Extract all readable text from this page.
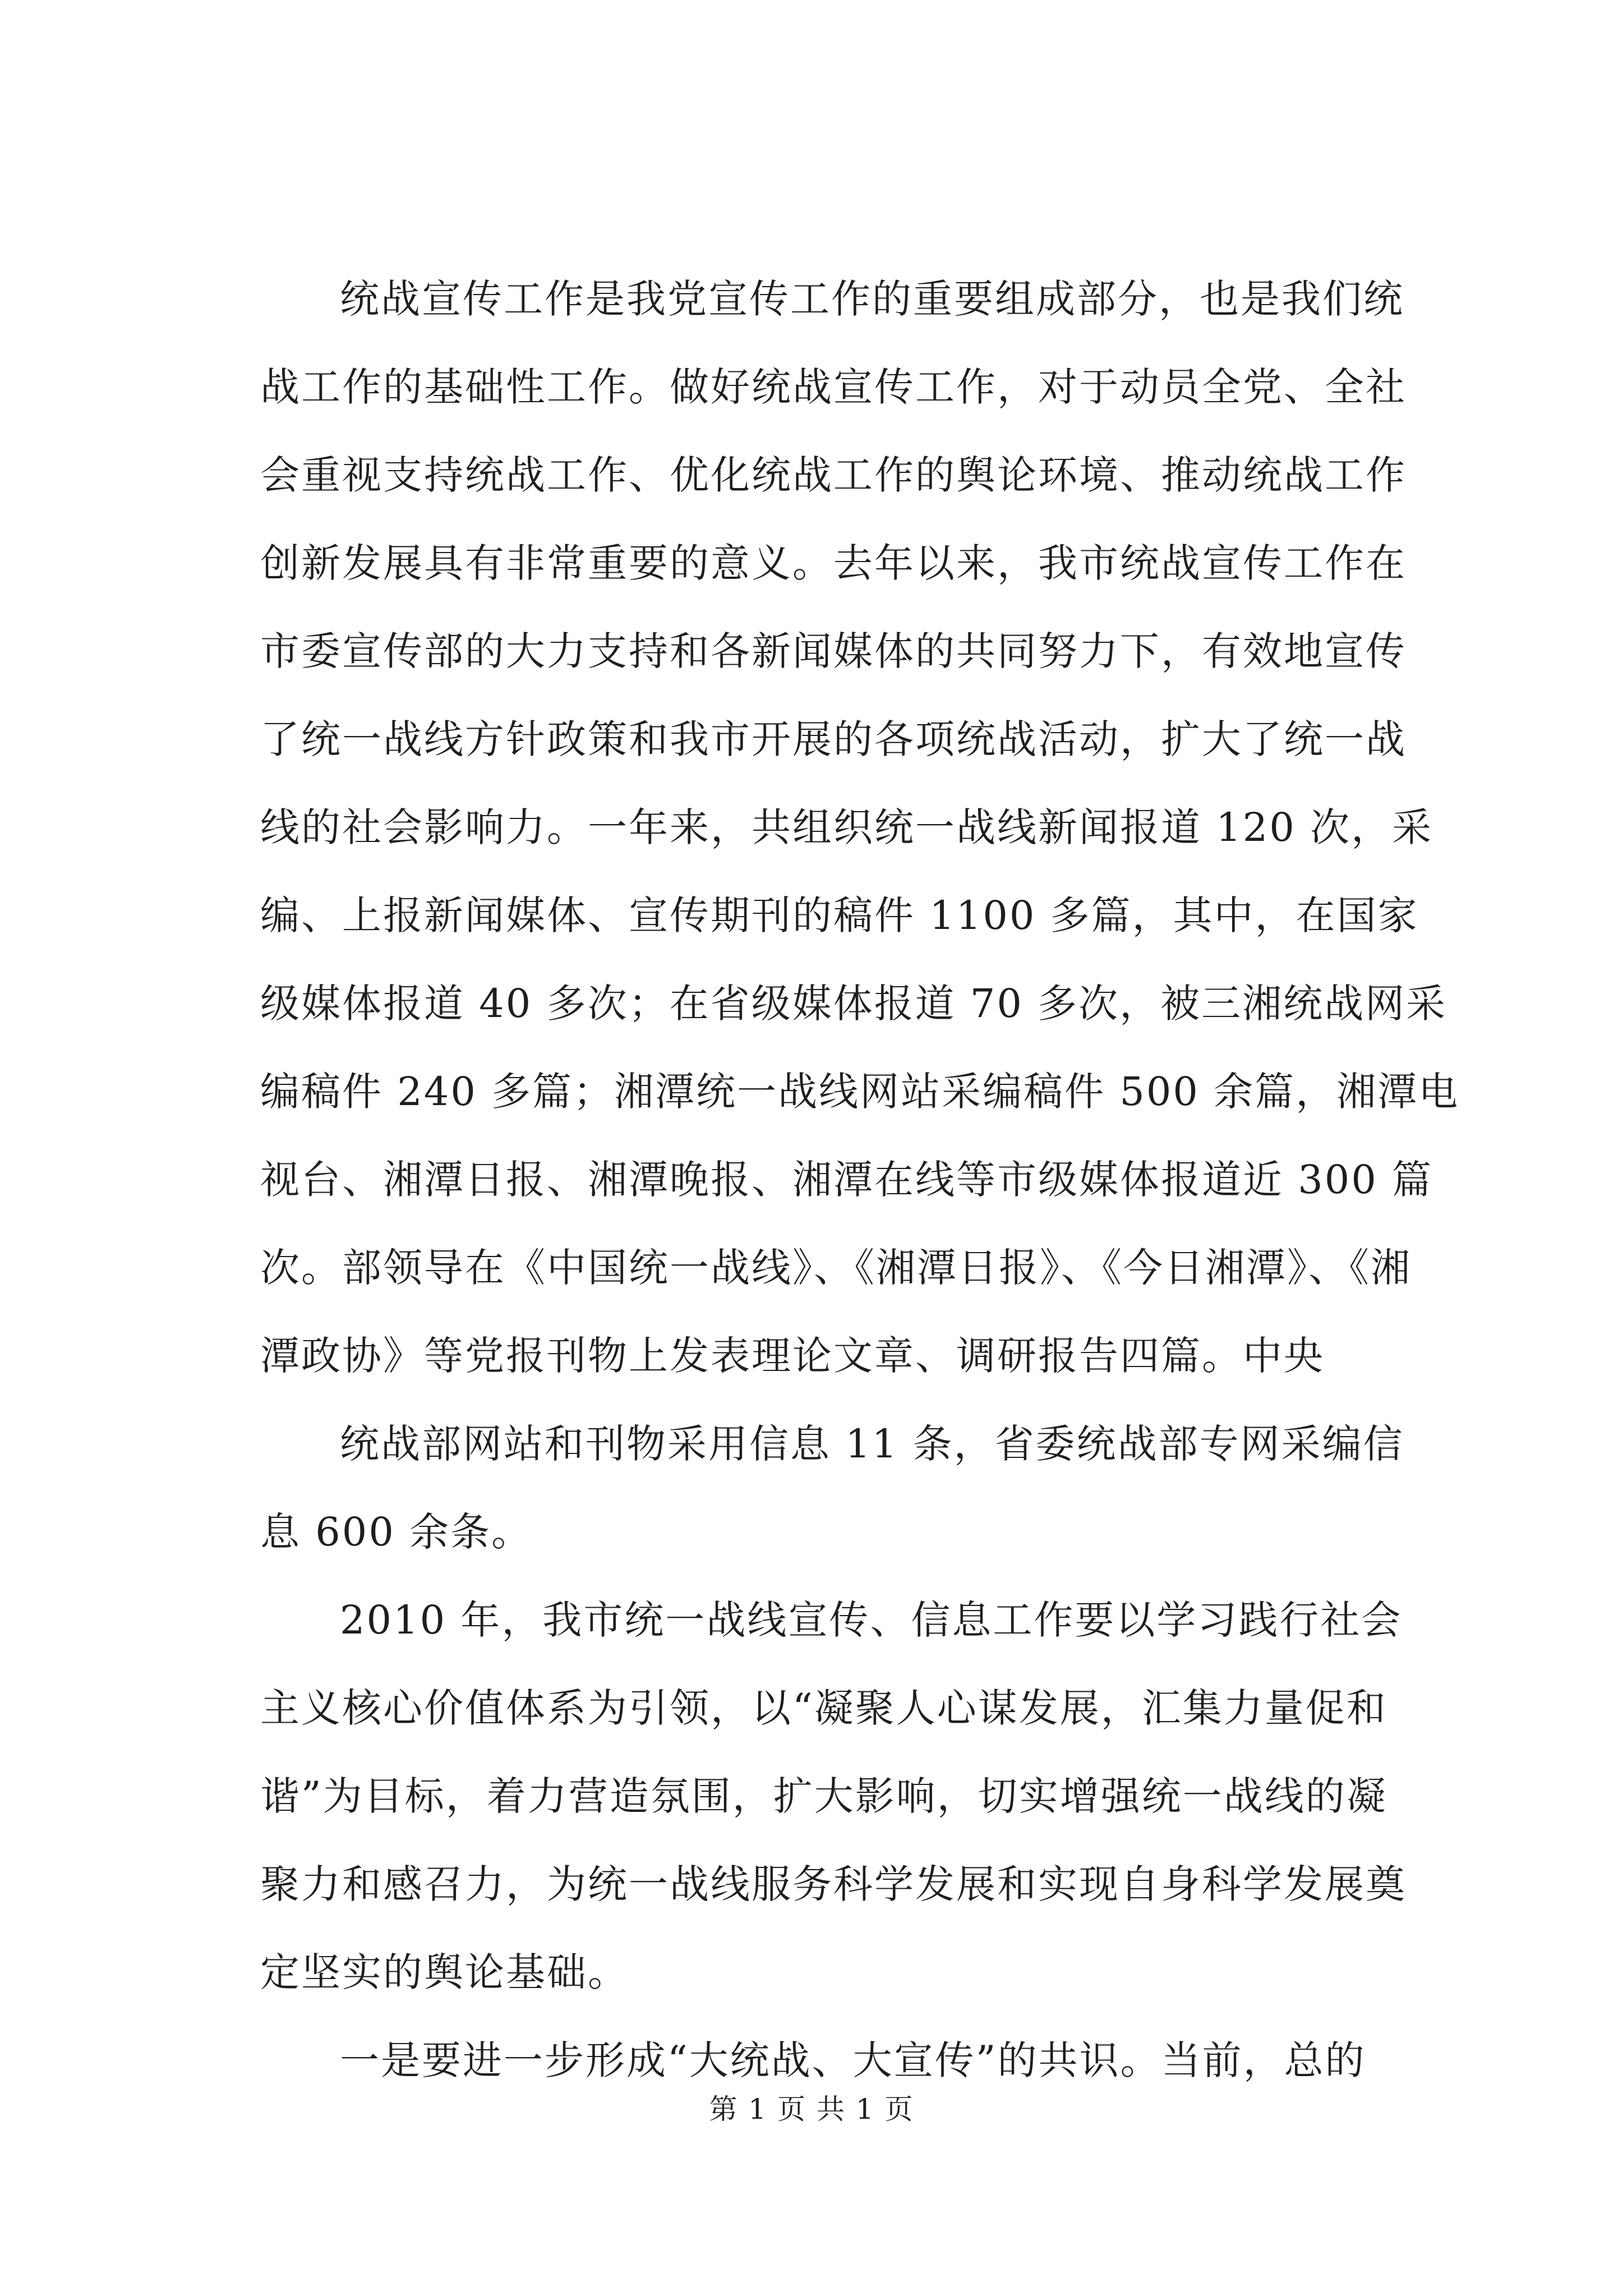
统战宣传工作是我党宣传工作的重要组成部分，也是我们统
战工作的基础性工作。做好统战宣传工作，对于动员全党、全社
会重视支持统战工作、优化统战工作的舆论环境、推动统战工作
创新发展具有非常重要的意义。去年以来，我市统战宣传工作在
市委宣传部的大力支持和各新闻媒体的共同努力下，有效地宣传
了统一战线方针政策和我市开展的各项统战活动，扩大了统一战
线的社会影响力。一年来，共组织统一战线新闻报道 120 次，采
编、上报新闻媒体、宣传期刊的稿件 1100 多篇，其中，在国家
级媒体报道 40 多次；在省级媒体报道 70 多次，被三湘统战网采
编稿件 240 多篇；湘潭统一战线网站采编稿件 500 余篇，湘潭电
视台、湘潭日报、湘潭晚报、湘潭在线等市级媒体报道近 300 篇
次。部领导在《中国统一战线》、《湘潭日报》、《今日湘潭》、《湘
潭政协》等党报刊物上发表理论文章、调研报告四篇。中央
统战部网站和刊物采用信息 11 条，省委统战部专网采编信
息 600 余条。
2010 年，我市统一战线宣传、信息工作要以学习践行社会
主义核心价值体系为引领，以“凝聚人心谋发展，汇集力量促和
谐”为目标，着力营造氛围，扩大影响，切实增强统一战线的凝
聚力和感召力，为统一战线服务科学发展和实现自身科学发展奠
定坚实的舆论基础。
一是要进一步形成“大统战、大宣传”的共识。当前，总的
第 1 页 共 1 页
